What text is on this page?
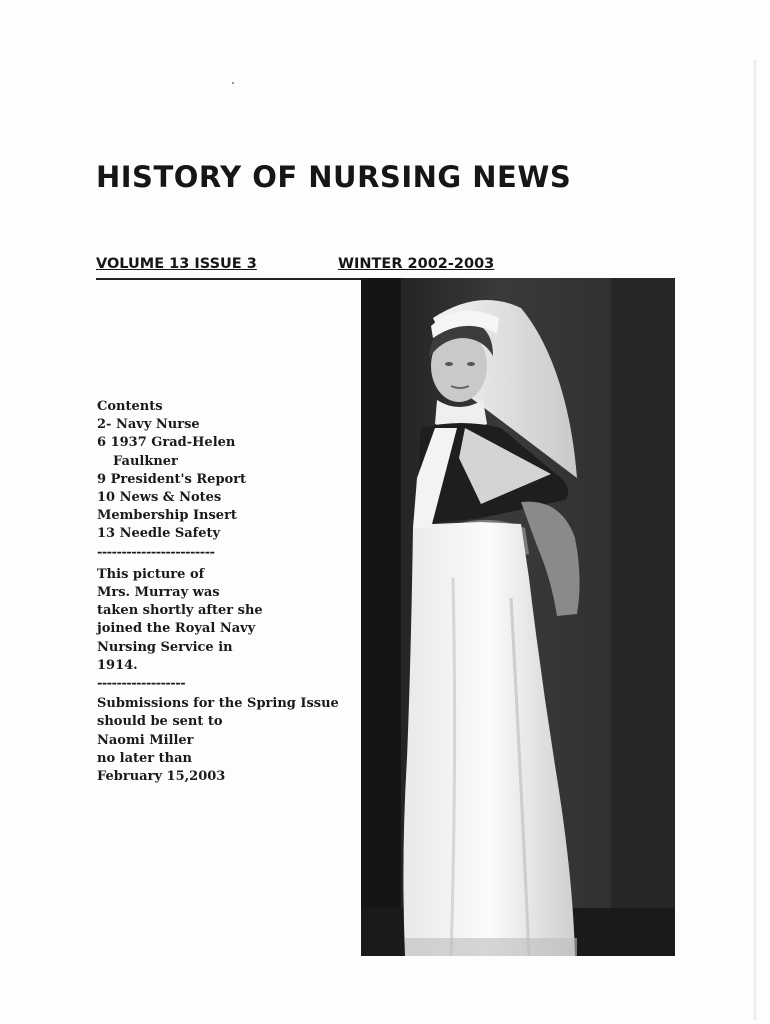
HISTORY OF NURSING NEWS
VOLUME 13 ISSUE 3	WINTER 2002-2003
Contents
2- Navy Nurse
6 1937 Grad-Helen
Faulkner
9 President's Report
10 News & Notes
Membership Insert
13 Needle Safety
------------------------
This picture of
Mrs. Murray was
taken shortly after she
joined the Royal Navy
Nursing Service in
1914.
------------------
Submissions for the Spring Issue
should be sent to
Naomi Miller
no later than
February 15,2003
